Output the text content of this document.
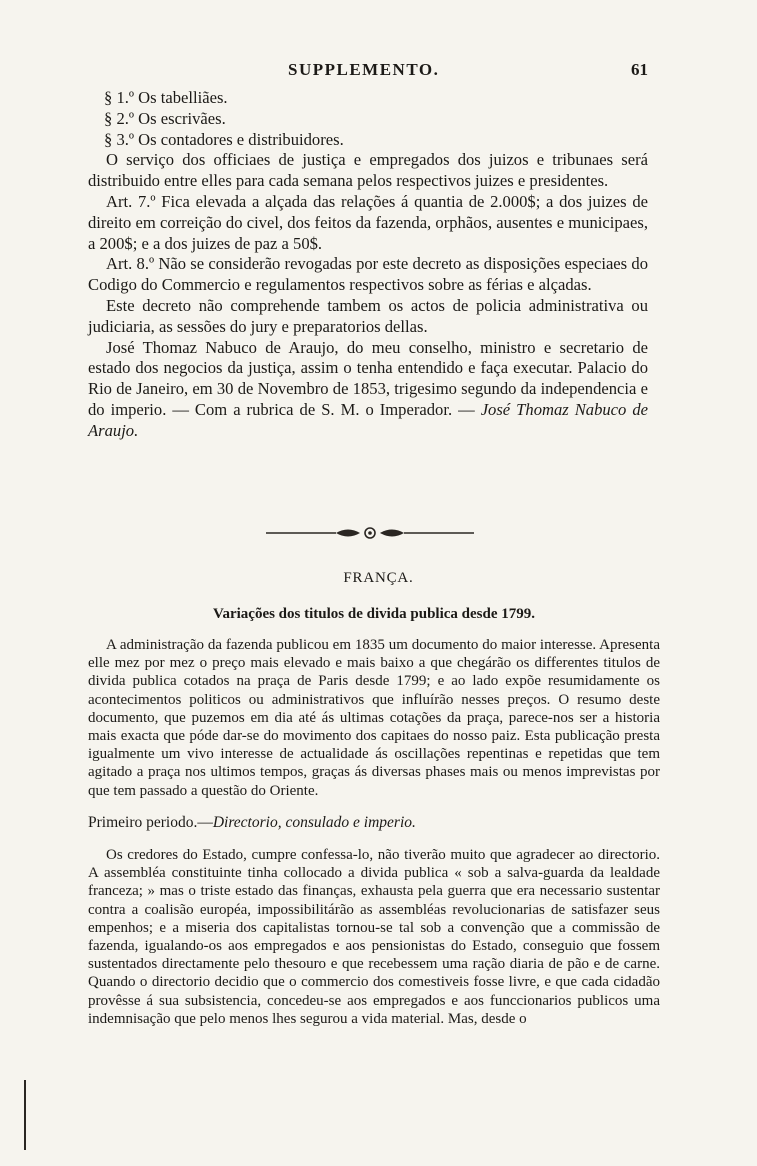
SUPPLEMENTO.	61

§ 1.º Os tabelliães.

§ 2.º Os escrivães.

§ 3.º Os contadores e distribuidores.

O serviço dos officiaes de justiça e empregados dos juizos e tribunaes será distribuido entre elles para cada semana pelos respectivos juizes e presidentes.

Art. 7.º Fica elevada a alçada das relações á quantia de 2.000$; a dos juizes de direito em correição do civel, dos feitos da fazenda, orphãos, ausentes e municipaes, a 200$; e a dos juizes de paz a 50$.

Art. 8.º Não se considerão revogadas por este decreto as disposições especiaes do Codigo do Commercio e regulamentos respectivos sobre as férias e alçadas.

Este decreto não comprehende tambem os actos de policia administrativa ou judiciaria, as sessões do jury e preparatorios dellas.

José Thomaz Nabuco de Araujo, do meu conselho, ministro e secretario de estado dos negocios da justiça, assim o tenha entendido e faça executar. Palacio do Rio de Janeiro, em 30 de Novembro de 1853, trigesimo segundo da independencia e do imperio. — Com a rubrica de S. M. o Imperador. — José Thomaz Nabuco de Araujo.

FRANÇA.
Variações dos titulos de divida publica desde 1799.

A administração da fazenda publicou em 1835 um documento do maior interesse. Apresenta elle mez por mez o preço mais elevado e mais baixo a que chegárão os differentes titulos de divida publica cotados na praça de Paris desde 1799; e ao lado expõe resumidamente os acontecimentos politicos ou administrativos que influírão nesses preços. O resumo deste documento, que puzemos em dia até ás ultimas cotações da praça, parece-nos ser a historia mais exacta que póde dar-se do movimento dos capitaes do nosso paiz. Esta publicação presta igualmente um vivo interesse de actualidade ás oscillações repentinas e repetidas que tem agitado a praça nos ultimos tempos, graças ás diversas phases mais ou menos imprevistas por que tem passado a questão do Oriente.

Primeiro periodo.—Directorio, consulado e imperio.

Os credores do Estado, cumpre confessa-lo, não tiverão muito que agradecer ao directorio. A assembléa constituinte tinha collocado a divida publica « sob a salva-guarda da lealdade franceza; » mas o triste estado das finanças, exhausta pela guerra que era necessario sustentar contra a coalisão européa, impossibilitárão as assembléas revolucionarias de satisfazer seus empenhos; e a miseria dos capitalistas tornou-se tal sob a convenção que a commissão de fazenda, igualando-os aos empregados e aos pensionistas do Estado, conseguio que fossem sustentados directamente pelo thesouro e que recebessem uma ração diaria de pão e de carne. Quando o directorio decidio que o commercio dos comestiveis fosse livre, e que cada cidadão provêsse á sua subsistencia, concedeu-se aos empregados e aos funccionarios publicos uma indemnisação que pelo menos lhes segurou a vida material. Mas, desde o
